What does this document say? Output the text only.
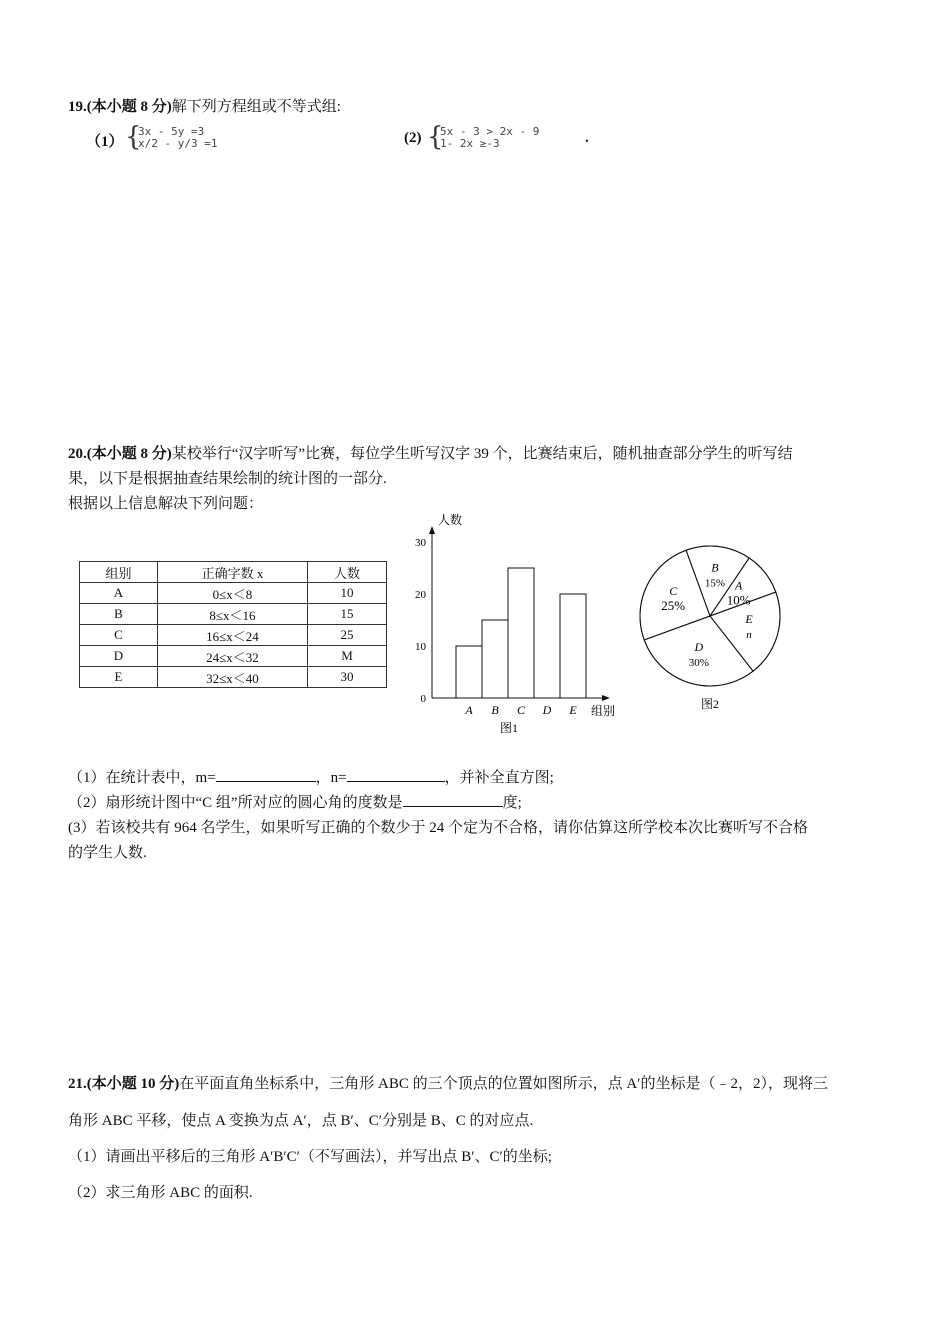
19.(本小题 8 分)解下列方程组或不等式组:
（1） {
3x - 5y =3
x/2 - y/3 =1	(2) {
5x - 3 > 2x - 9
1- 2x ≥-3	.
20.(本小题 8 分)某校举行“汉字听写”比赛，每位学生听写汉字 39 个，比赛结束后，随机抽查部分学生的听写结
果，以下是根据抽查结果绘制的统计图的一部分.
根据以上信息解决下列问题：
组别	正确字数 x	人数
A	0≤x＜8	10
B	8≤x＜16	15
C	16≤x＜24	25
D	24≤x＜32	M
E	32≤x＜40	30
人数
0
10
20
30
A B C D E 组别
图1
B
15% A
10%
E
n
D
30%
C
25%
图2
（1）在统计表中，m=	，n=	，并补全直方图;
（2）扇形统计图中“C 组”所对应的圆心角的度数是	度;
(3）若该校共有 964 名学生，如果听写正确的个数少于 24 个定为不合格，请你估算这所学校本次比赛听写不合格
的学生人数.
21.(本小题 10 分)在平面直角坐标系中，三角形 ABC 的三个顶点的位置如图所示，点 A′的坐标是（﹣2，2），现将三
角形 ABC 平移，使点 A 变换为点 A′，点 B′、C′分别是 B、C 的对应点.
（1）请画出平移后的三角形 A′B′C′（不写画法），并写出点 B′、C′的坐标;
（2）求三角形 ABC 的面积.
